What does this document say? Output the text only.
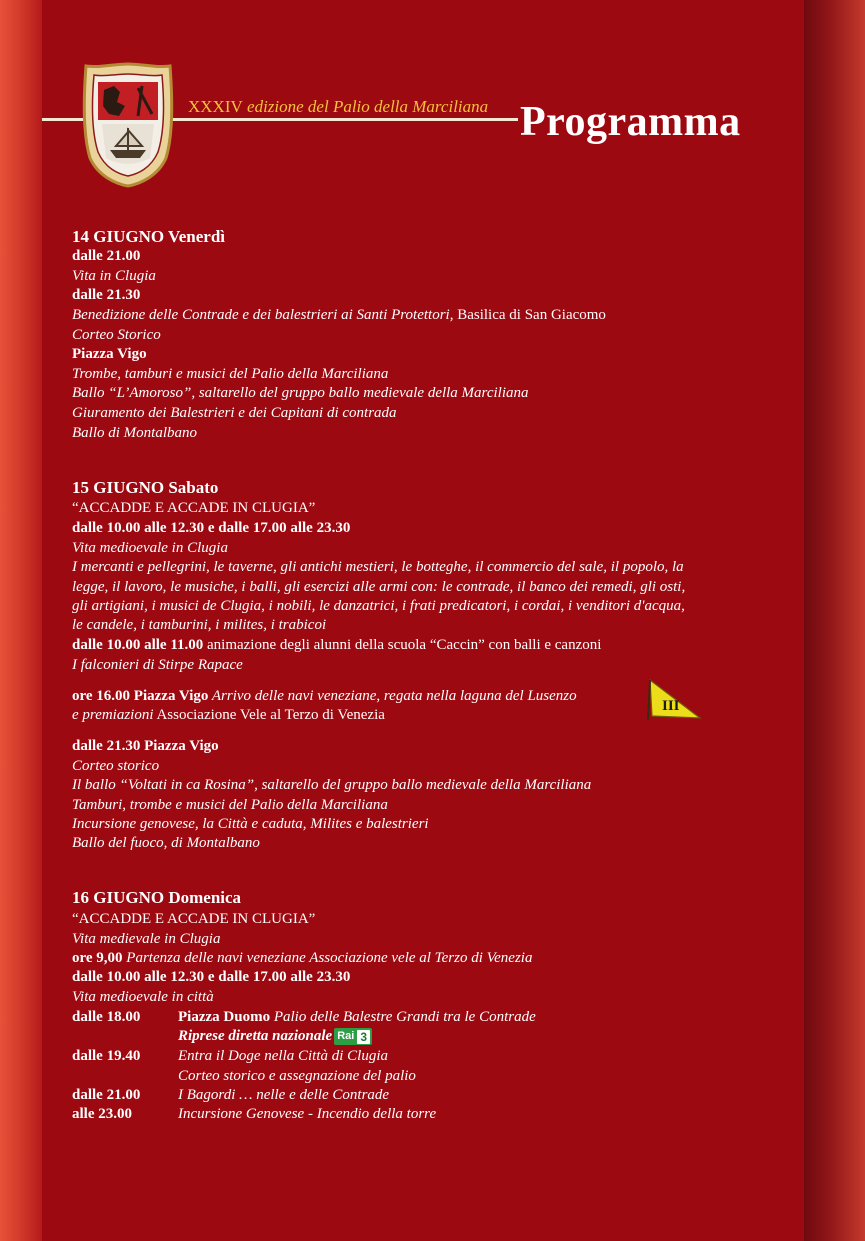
XXXIV edizione del Palio della Marciliana Programma
14 GIUGNO Venerdì
dalle 21.00
Vita in Clugia
dalle 21.30
Benedizione delle Contrade e dei balestrieri ai Santi Protettori, Basilica di San Giacomo
Corteo Storico
Piazza Vigo
Trombe, tamburi e musici del Palio della Marciliana
Ballo “L’Amoroso”, saltarello del gruppo ballo medievale della Marciliana
Giuramento dei Balestrieri e dei Capitani di contrada
Ballo di Montalbano
15 GIUGNO Sabato
“ACCADDE E ACCADE IN CLUGIA”
dalle 10.00 alle 12.30 e dalle 17.00 alle 23.30
Vita medioevale in Clugia
I mercanti e pellegrini, le taverne, gli antichi mestieri, le botteghe, il commercio del sale, il popolo, la
legge, il lavoro, le musiche, i balli, gli esercizi alle armi con: le contrade, il banco dei remedi, gli osti,
gli artigiani, i musici de Clugia, i nobili, le danzatrici, i frati predicatori, i cordai, i venditori d'acqua,
le candele, i tamburini, i milites, i trabicoi
dalle 10.00 alle 11.00 animazione degli alunni della scuola “Caccin” con balli e canzoni
I falconieri di Stirpe Rapace
ore 16.00 Piazza Vigo Arrivo delle navi veneziane, regata nella laguna del Lusenzo
e premiazioni Associazione Vele al Terzo di Venezia
III
dalle 21.30 Piazza Vigo
Corteo storico
Il ballo “Voltati in ca Rosina”, saltarello del gruppo ballo medievale della Marciliana
Tamburi, trombe e musici del Palio della Marciliana
Incursione genovese, la Città e caduta, Milites e balestrieri
Ballo del fuoco, di Montalbano
16 GIUGNO Domenica
“ACCADDE E ACCADE IN CLUGIA”
Vita medievale in Clugia
ore 9,00 Partenza delle navi veneziane Associazione vele al Terzo di Venezia
dalle 10.00 alle 12.30 e dalle 17.00 alle 23.30
Vita medioevale in città
dalle 18.00	Piazza Duomo Palio delle Balestre Grandi tra le Contrade
Riprese diretta nazionale Rai 3
dalle 19.40	Entra il Doge nella Città di Clugia
Corteo storico e assegnazione del palio
dalle 21.00	I Bagordi … nelle e delle Contrade
alle 23.00	Incursione Genovese - Incendio della torre
